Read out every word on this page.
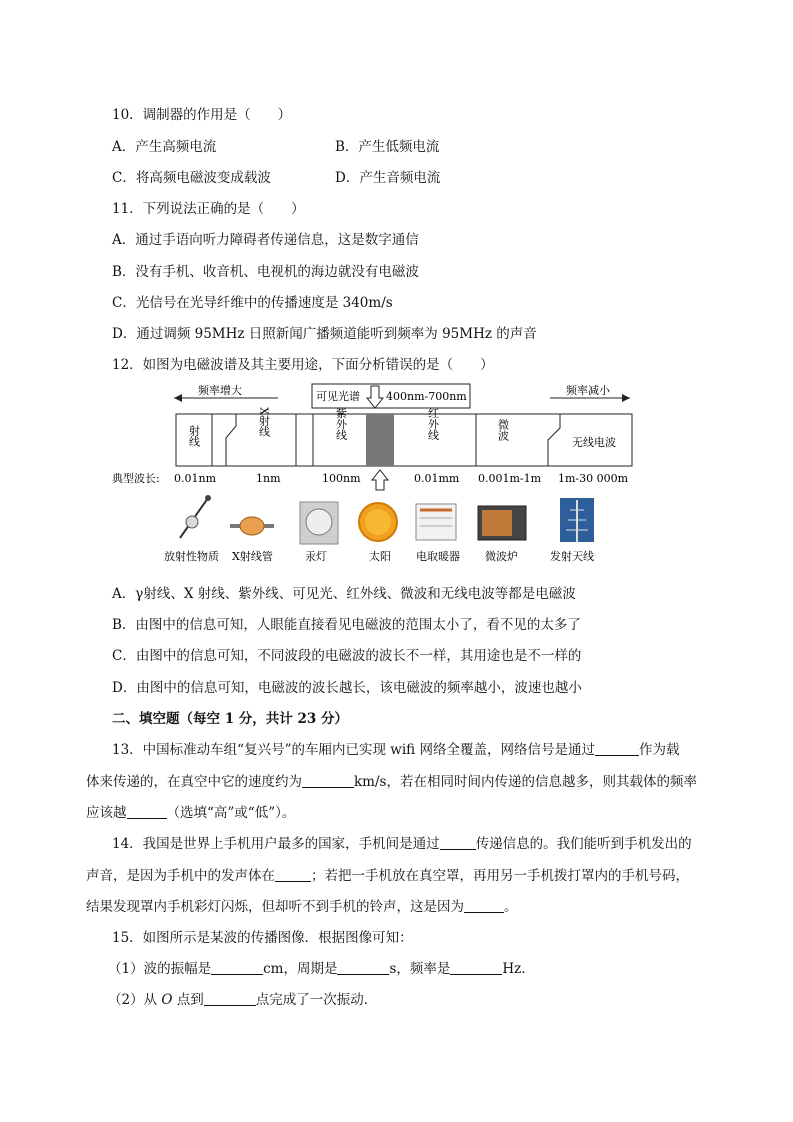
10．调制器的作用是（　　）
A．产生高频电流	B．产生低频电流
C．将高频电磁波变成载波	D．产生音频电流
11．下列说法正确的是（　　）
A．通过手语向听力障碍者传递信息，这是数字通信
B．没有手机、收音机、电视机的海边就没有电磁波
C．光信号在光导纤维中的传播速度是 340m/s
D．通过调频 95MHz 日照新闻广播频道能听到频率为 95MHz 的声音
12．如图为电磁波谱及其主要用途，下面分析错误的是（　　）
频率增大	频率减小
可见光谱 400nm-700nm
射线	X射线	紫外线	红外线	微波
无线电波
典型波长: 0.01nm	1nm	100nm	0.01mm 0.001m-1m 1m-30 000m
放射性物质 X射线管	汞灯	太阳 电取暖器 微波炉	发射天线
A．γ射线、X 射线、紫外线、可见光、红外线、微波和无线电波等都是电磁波
B．由图中的信息可知，人眼能直接看见电磁波的范围太小了，看不见的太多了
C．由图中的信息可知，不同波段的电磁波的波长不一样，其用途也是不一样的
D．由图中的信息可知，电磁波的波长越长，该电磁波的频率越小，波速也越小
二、填空题（每空 1 分，共计 23 分）
13．中国标准动车组“复兴号”的车厢内已实现 wifi 网络全覆盖，网络信号是通过	作为载
体来传递的，在真空中它的速度约为	km/s，若在相同时间内传递的信息越多，则其载体的频率
应该越	（选填“高”或“低”）。
14．我国是世界上手机用户最多的国家，手机间是通过	传递信息的。我们能听到手机发出的
声音，是因为手机中的发声体在	；若把一手机放在真空罩，再用另一手机拨打罩内的手机号码，
结果发现罩内手机彩灯闪烁，但却听不到手机的铃声，这是因为	。
15．如图所示是某波的传播图像．根据图像可知：
（1）波的振幅是	cm，周期是	s，频率是	Hz．
（2）从 O 点到	点完成了一次振动．
